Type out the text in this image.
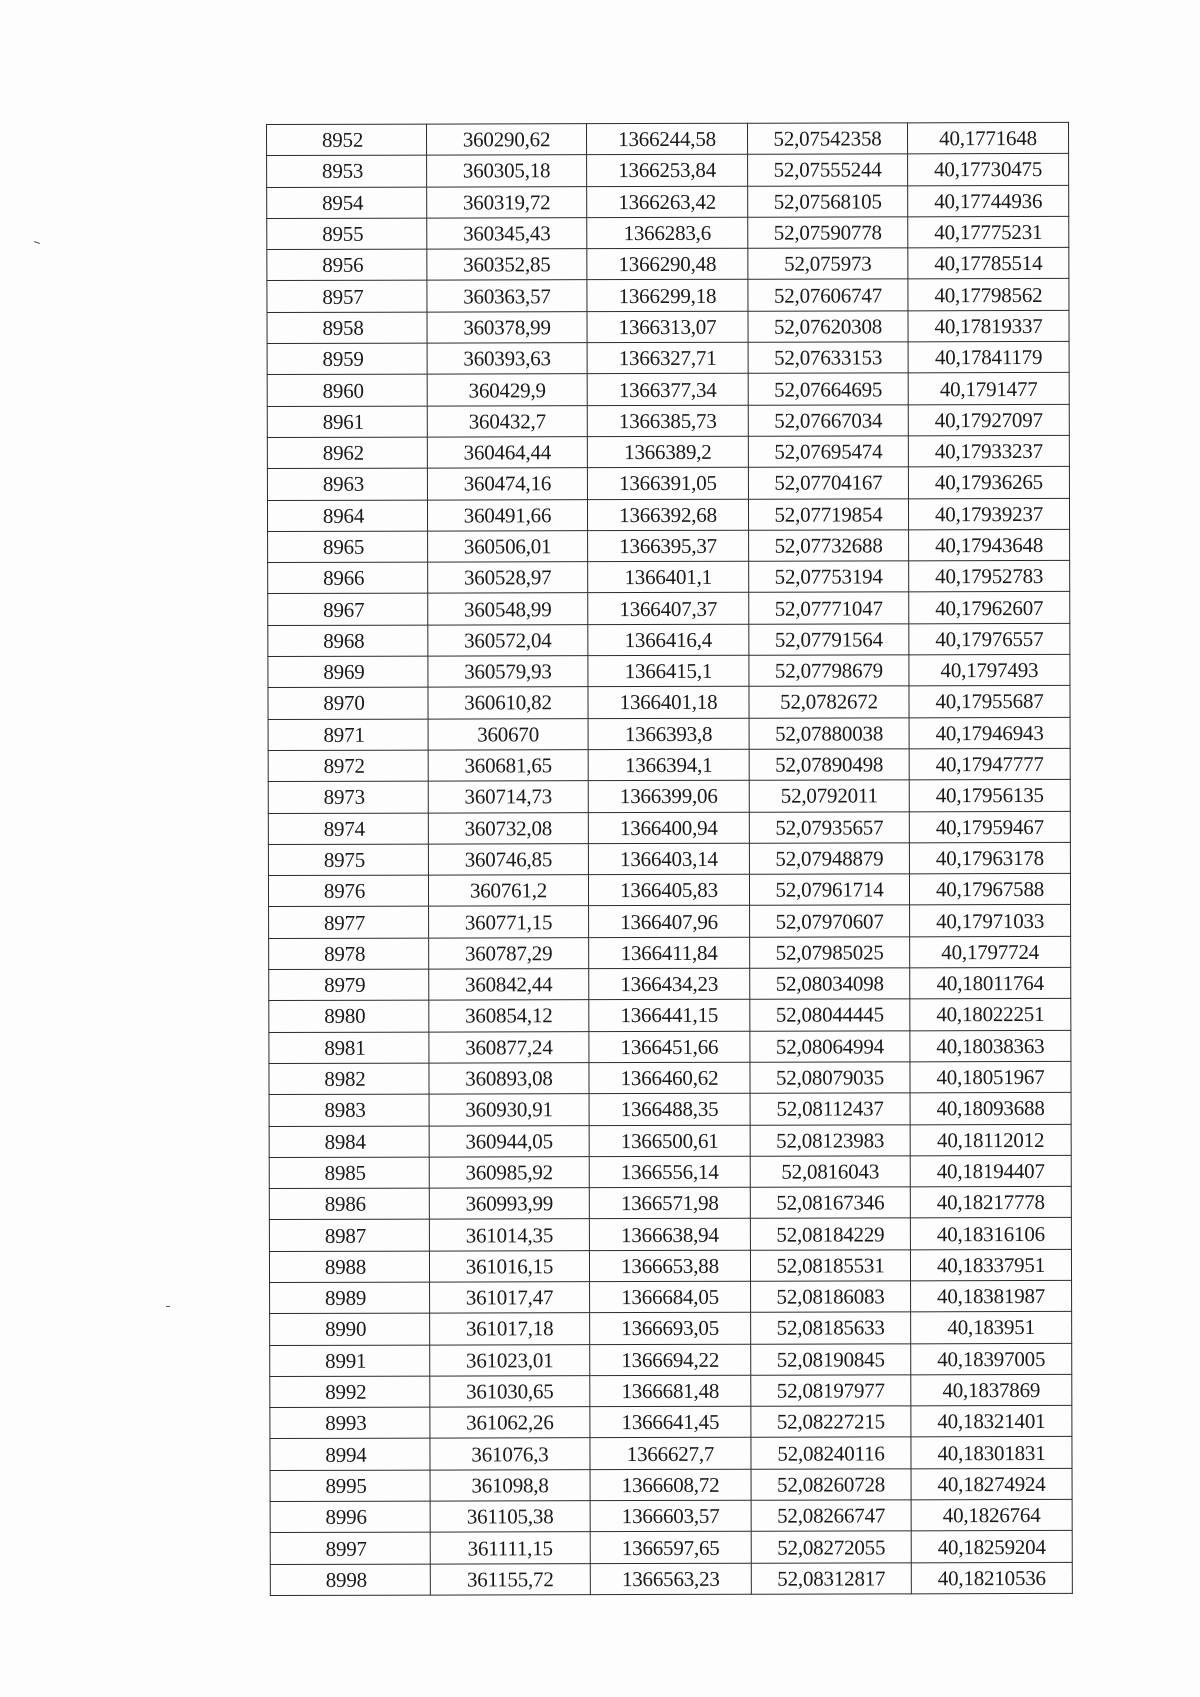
8952	360290,62	1366244,58	52,07542358	40,1771648
8953	360305,18	1366253,84	52,07555244	40,17730475
8954	360319,72	1366263,42	52,07568105	40,17744936
8955	360345,43	1366283,6	52,07590778	40,17775231
8956	360352,85	1366290,48	52,075973	40,17785514
8957	360363,57	1366299,18	52,07606747	40,17798562
8958	360378,99	1366313,07	52,07620308	40,17819337
8959	360393,63	1366327,71	52,07633153	40,17841179
8960	360429,9	1366377,34	52,07664695	40,1791477
8961	360432,7	1366385,73	52,07667034	40,17927097
8962	360464,44	1366389,2	52,07695474	40,17933237
8963	360474,16	1366391,05	52,07704167	40,17936265
8964	360491,66	1366392,68	52,07719854	40,17939237
8965	360506,01	1366395,37	52,07732688	40,17943648
8966	360528,97	1366401,1	52,07753194	40,17952783
8967	360548,99	1366407,37	52,07771047	40,17962607
8968	360572,04	1366416,4	52,07791564	40,17976557
8969	360579,93	1366415,1	52,07798679	40,1797493
8970	360610,82	1366401,18	52,0782672	40,17955687
8971	360670	1366393,8	52,07880038	40,17946943
8972	360681,65	1366394,1	52,07890498	40,17947777
8973	360714,73	1366399,06	52,0792011	40,17956135
8974	360732,08	1366400,94	52,07935657	40,17959467
8975	360746,85	1366403,14	52,07948879	40,17963178
8976	360761,2	1366405,83	52,07961714	40,17967588
8977	360771,15	1366407,96	52,07970607	40,17971033
8978	360787,29	1366411,84	52,07985025	40,1797724
8979	360842,44	1366434,23	52,08034098	40,18011764
8980	360854,12	1366441,15	52,08044445	40,18022251
8981	360877,24	1366451,66	52,08064994	40,18038363
8982	360893,08	1366460,62	52,08079035	40,18051967
8983	360930,91	1366488,35	52,08112437	40,18093688
8984	360944,05	1366500,61	52,08123983	40,18112012
8985	360985,92	1366556,14	52,0816043	40,18194407
8986	360993,99	1366571,98	52,08167346	40,18217778
8987	361014,35	1366638,94	52,08184229	40,18316106
8988	361016,15	1366653,88	52,08185531	40,18337951
8989	361017,47	1366684,05	52,08186083	40,18381987
8990	361017,18	1366693,05	52,08185633	40,183951
8991	361023,01	1366694,22	52,08190845	40,18397005
8992	361030,65	1366681,48	52,08197977	40,1837869
8993	361062,26	1366641,45	52,08227215	40,18321401
8994	361076,3	1366627,7	52,08240116	40,18301831
8995	361098,8	1366608,72	52,08260728	40,18274924
8996	361105,38	1366603,57	52,08266747	40,1826764
8997	361111,15	1366597,65	52,08272055	40,18259204
8998	361155,72	1366563,23	52,08312817	40,18210536
